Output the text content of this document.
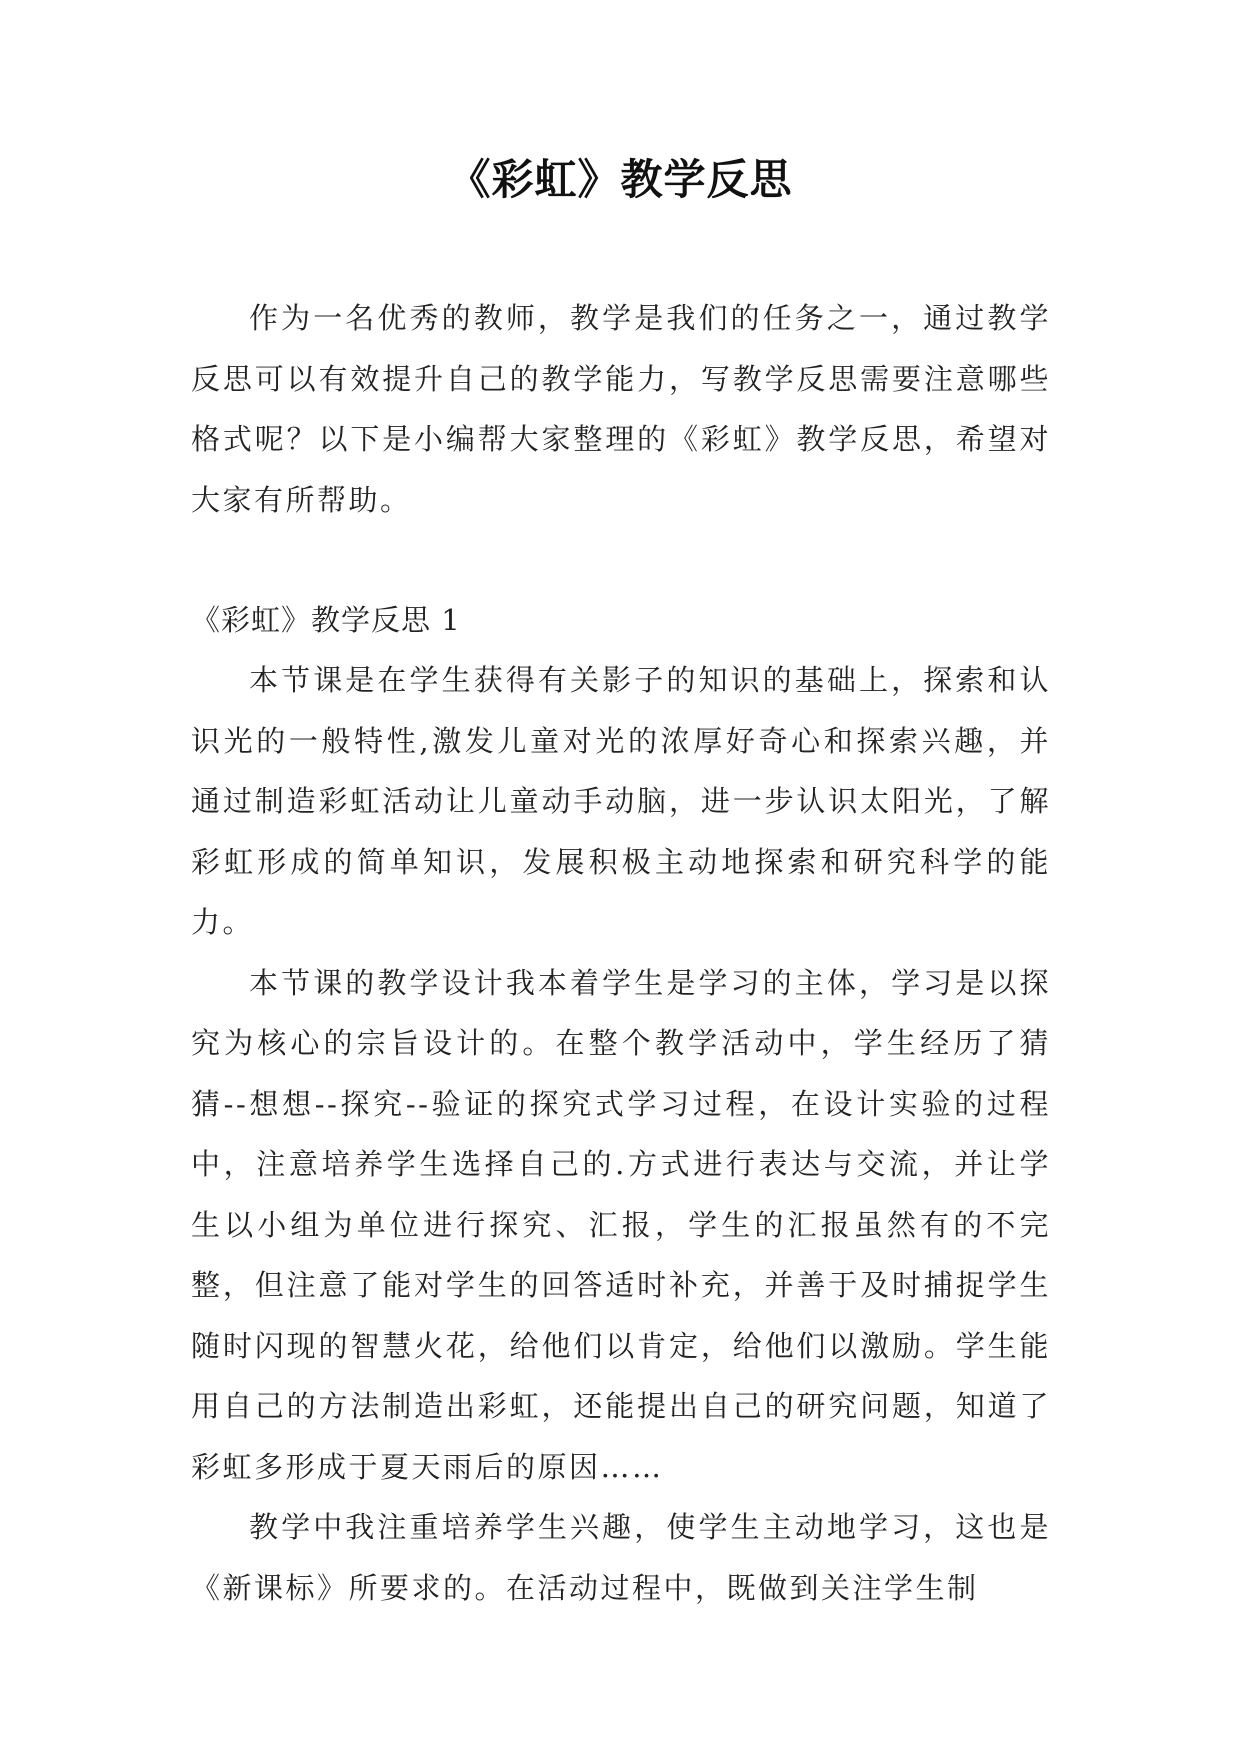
《彩虹》教学反思

作为一名优秀的教师，教学是我们的任务之一，通过教学反思可以有效提升自己的教学能力，写教学反思需要注意哪些格式呢？以下是小编帮大家整理的《彩虹》教学反思，希望对大家有所帮助。

《彩虹》教学反思 1

本节课是在学生获得有关影子的知识的基础上，探索和认识光的一般特性,激发儿童对光的浓厚好奇心和探索兴趣，并通过制造彩虹活动让儿童动手动脑，进一步认识太阳光，了解彩虹形成的简单知识，发展积极主动地探索和研究科学的能力。

本节课的教学设计我本着学生是学习的主体，学习是以探究为核心的宗旨设计的。在整个教学活动中，学生经历了猜猜--想想--探究--验证的探究式学习过程，在设计实验的过程中，注意培养学生选择自己的.方式进行表达与交流，并让学生以小组为单位进行探究、汇报，学生的汇报虽然有的不完整，但注意了能对学生的回答适时补充，并善于及时捕捉学生随时闪现的智慧火花，给他们以肯定，给他们以激励。学生能用自己的方法制造出彩虹，还能提出自己的研究问题，知道了彩虹多形成于夏天雨后的原因……

教学中我注重培养学生兴趣，使学生主动地学习，这也是《新课标》所要求的。在活动过程中，既做到关注学生制
